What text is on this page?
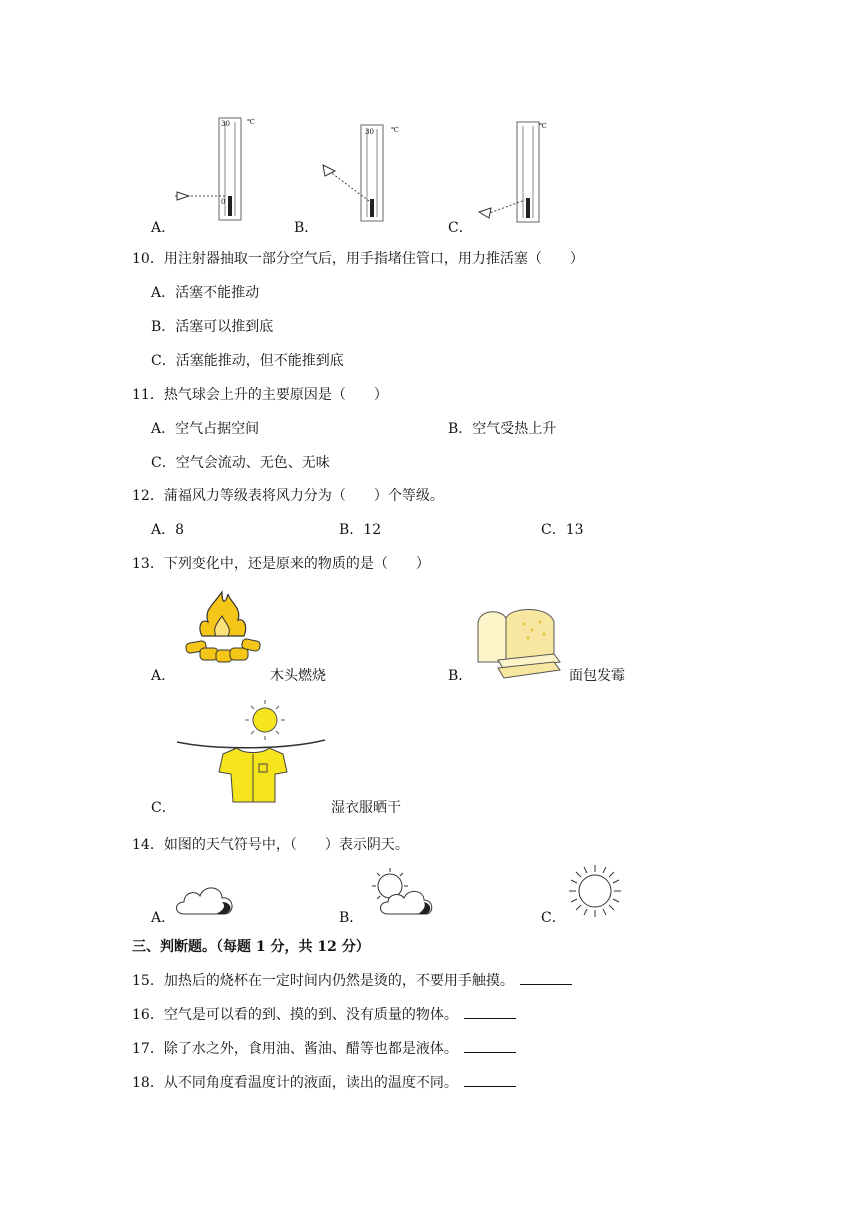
A．
30
0
℃
B．
30 ℃
C．
℃
10．用注射器抽取一部分空气后，用手指堵住管口，用力推活塞（　　）
A．活塞不能推动
B．活塞可以推到底
C．活塞能推动，但不能推到底
11．热气球会上升的主要原因是（　　）
A．空气占据空间	B．空气受热上升
C．空气会流动、无色、无味
12．蒲福风力等级表将风力分为（　　）个等级。
A．8	B．12	C．13
13．下列变化中，还是原来的物质的是（　　）
A．	木头燃烧	B．	面包发霉
C．	湿衣服晒干
14．如图的天气符号中，（　　）表示阴天。
A．	B．	C．
三、判断题。（每题 1 分，共 12 分）
15．加热后的烧杯在一定时间内仍然是烫的，不要用手触摸。
16．空气是可以看的到、摸的到、没有质量的物体。
17．除了水之外，食用油、酱油、醋等也都是液体。
18．从不同角度看温度计的液面，读出的温度不同。
